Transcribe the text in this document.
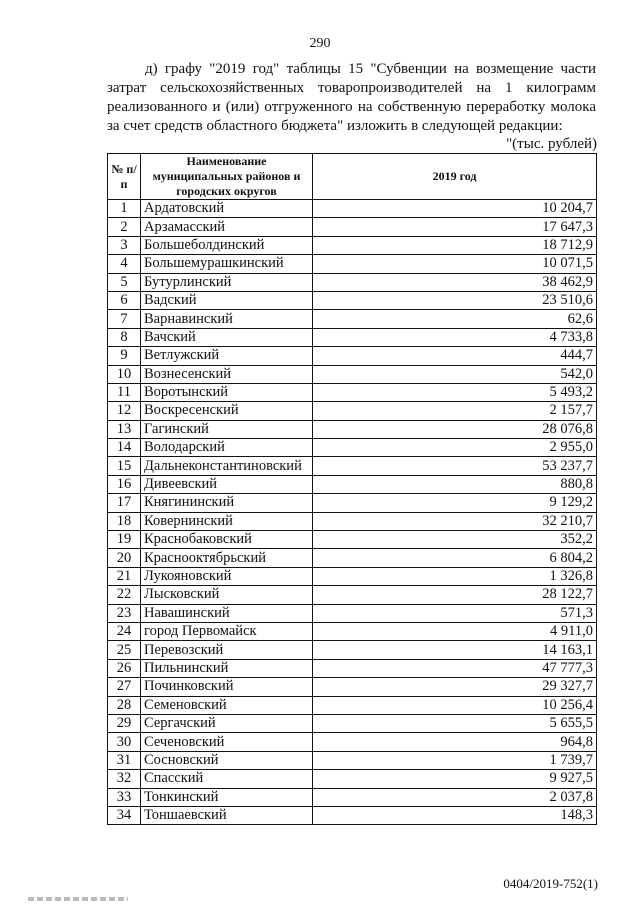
290
д) графу "2019 год" таблицы 15 "Субвенции на возмещение части
затрат сельскохозяйственных товаропроизводителей на 1 килограмм
реализованного и (или) отгруженного на собственную переработку молока
за счет средств областного бюджета" изложить в следующей редакции:
"(тыс. рублей)
№ п/п	Наименование муниципальных районов и городских округов	2019 год
1	Ардатовский	10 204,7
2	Арзамасский	17 647,3
3	Большеболдинский	18 712,9
4	Большемурашкинский	10 071,5
5	Бутурлинский	38 462,9
6	Вадский	23 510,6
7	Варнавинский	62,6
8	Вачский	4 733,8
9	Ветлужский	444,7
10	Вознесенский	542,0
11	Воротынский	5 493,2
12	Воскресенский	2 157,7
13	Гагинский	28 076,8
14	Володарский	2 955,0
15	Дальнеконстантиновский	53 237,7
16	Дивеевский	880,8
17	Княгининский	9 129,2
18	Ковернинский	32 210,7
19	Краснобаковский	352,2
20	Краснооктябрьский	6 804,2
21	Лукояновский	1 326,8
22	Лысковский	28 122,7
23	Навашинский	571,3
24	город Первомайск	4 911,0
25	Перевозский	14 163,1
26	Пильнинский	47 777,3
27	Починковский	29 327,7
28	Семеновский	10 256,4
29	Сергачский	5 655,5
30	Сеченовский	964,8
31	Сосновский	1 739,7
32	Спасский	9 927,5
33	Тонкинский	2 037,8
34	Тоншаевский	148,3
0404/2019-752(1)
